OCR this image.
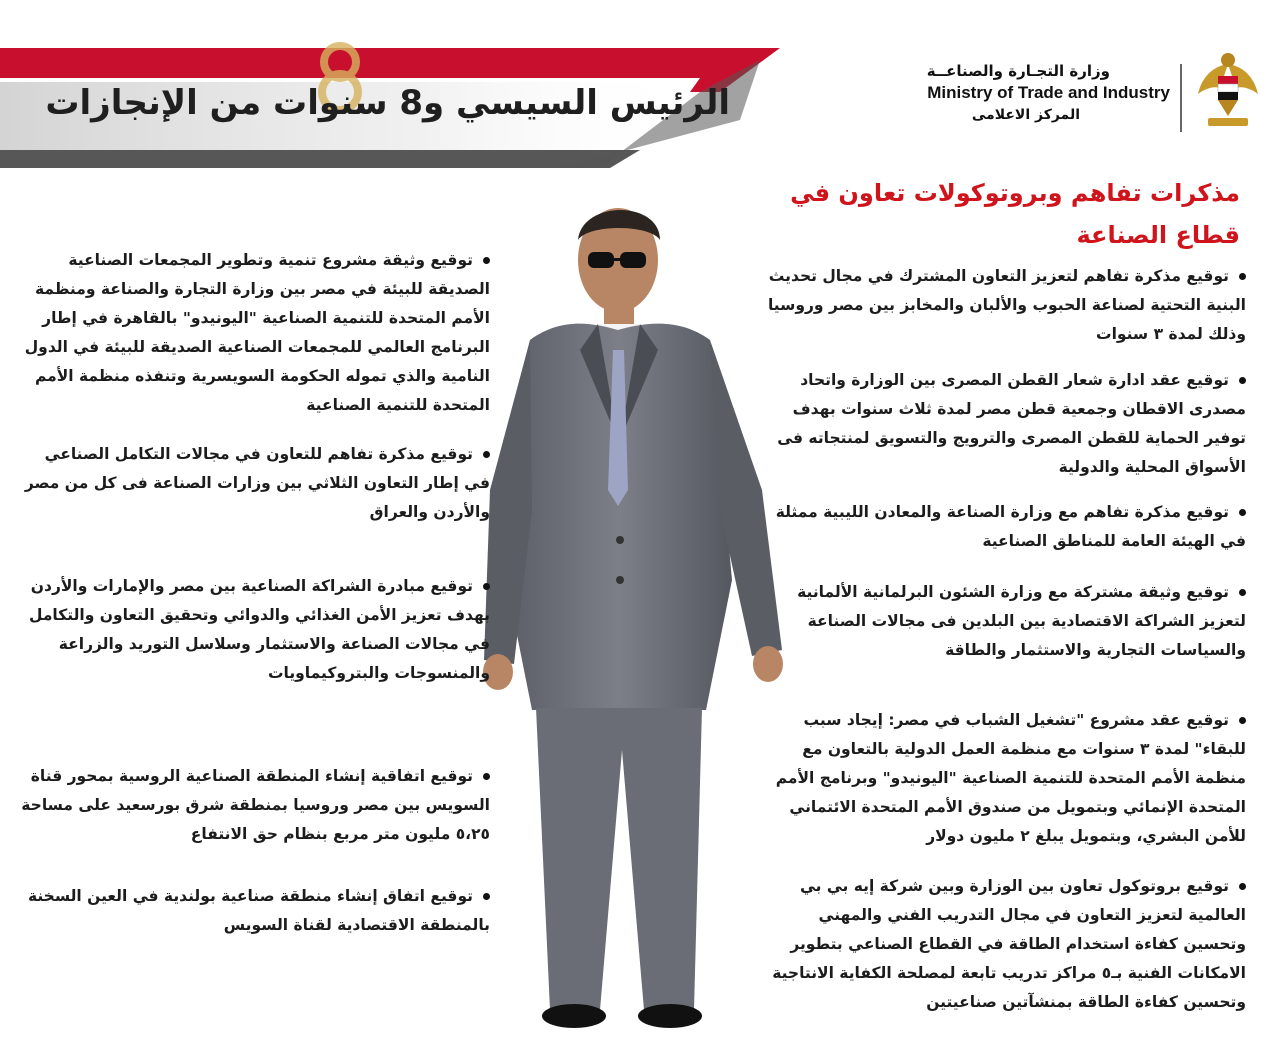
الرئيس السيسي و8 سنوات من الإنجازات
وزارة التجـارة والصناعــة
Ministry of Trade and Industry
المركز الاعلامى
مذكرات تفاهم وبروتوكولات تعاون في قطاع الصناعة
توقيع وثيقة مشروع تنمية وتطوير المجمعات الصناعية الصديقة للبيئة في مصر بين وزارة التجارة والصناعة ومنظمة الأمم المتحدة للتنمية الصناعية "اليونيدو" بالقاهرة في إطار البرنامج العالمي للمجمعات الصناعية الصديقة للبيئة في الدول النامية والذي تموله الحكومة السويسرية وتنفذه منظمة الأمم المتحدة للتنمية الصناعية
توقيع مذكرة تفاهم للتعاون في مجالات التكامل الصناعي في إطار التعاون الثلاثي بين وزارات الصناعة فى كل من مصر والأردن والعراق
توقيع مبادرة الشراكة الصناعية بين مصر والإمارات والأردن بهدف تعزيز الأمن الغذائي والدوائي وتحقيق التعاون والتكامل في مجالات الصناعة والاستثمار وسلاسل التوريد والزراعة والمنسوجات والبتروكيماويات
توقيع اتفاقية إنشاء المنطقة الصناعية الروسية بمحور قناة السويس بين مصر وروسيا بمنطقة شرق بورسعيد على مساحة ٥،٢٥ مليون متر مربع بنظام حق الانتفاع
توقيع اتفاق إنشاء منطقة صناعية بولندية في العين السخنة بالمنطقة الاقتصادية لقناة السويس
توقيع مذكرة تفاهم لتعزيز التعاون المشترك في مجال تحديث البنية التحتية لصناعة الحبوب والألبان والمخابز بين مصر وروسيا وذلك لمدة ٣ سنوات
توقيع عقد ادارة شعار القطن المصرى بين الوزارة واتحاد مصدرى الاقطان وجمعية قطن مصر لمدة ثلاث سنوات بهدف توفير الحماية للقطن المصرى والترويج والتسويق لمنتجاته فى الأسواق المحلية والدولية
توقيع مذكرة تفاهم مع وزارة الصناعة والمعادن الليبية ممثلة في الهيئة العامة للمناطق الصناعية
توقيع وثيقة مشتركة مع وزارة الشئون البرلمانية الألمانية لتعزيز الشراكة الاقتصادية بين البلدين فى مجالات الصناعة والسياسات التجارية والاستثمار والطاقة
توقيع عقد مشروع "تشغيل الشباب في مصر: إيجاد سبب للبقاء" لمدة ٣ سنوات مع منظمة العمل الدولية بالتعاون مع منظمة الأمم المتحدة للتنمية الصناعية "اليونيدو" وبرنامج الأمم المتحدة الإنمائي وبتمويل من صندوق الأمم المتحدة الائتماني للأمن البشري، وبتمويل يبلغ ٢ مليون دولار
توقيع بروتوكول تعاون بين الوزارة وبين شركة إيه بي بي العالمية لتعزيز التعاون في مجال التدريب الفني والمهني وتحسين كفاءة استخدام الطاقة في القطاع الصناعي بتطوير الامكانات الفنية بـ٥ مراكز تدريب تابعة لمصلحة الكفاية الانتاجية وتحسين كفاءة الطاقة بمنشآتين صناعيتين
